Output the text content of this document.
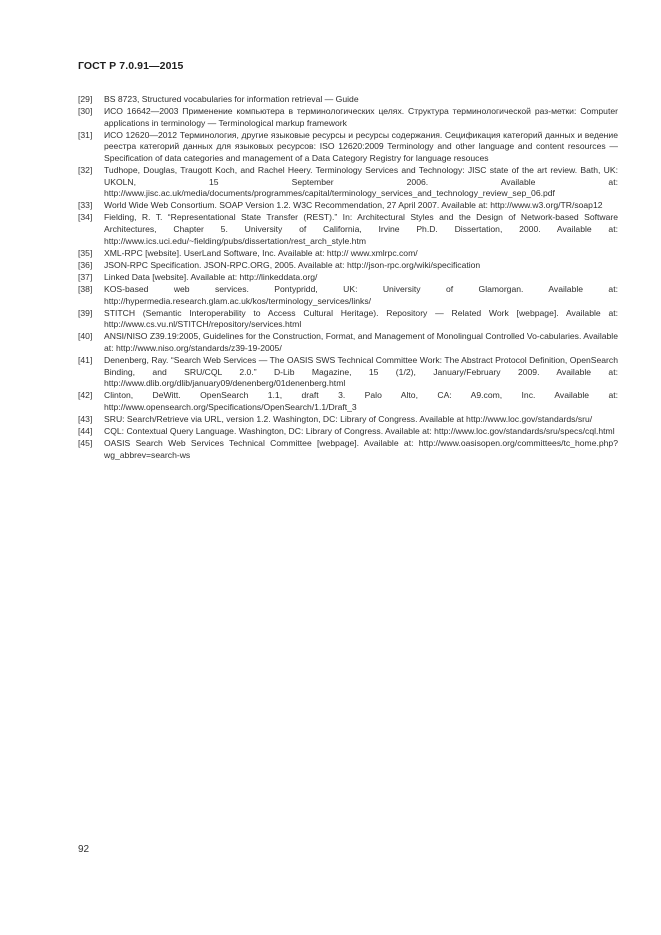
ГОСТ Р 7.0.91—2015
[29]	BS 8723, Structured vocabularies for information retrieval — Guide
[30]	ИСО 16642—2003 Применение компьютера в терминологических целях. Структура терминологической раз-метки: Computer applications in terminology — Terminological markup framework
[31]	ИСО 12620—2012 Терминология, другие языковые ресурсы и ресурсы содержания. Сецификация категорий данных и ведение реестра категорий данных для языковых ресурсов: ISO 12620:2009 Terminology and other language and content resources — Specification of data categories and management of a Data Category Registry for language resouces
[32]	Tudhope, Douglas, Traugott Koch, and Rachel Heery. Terminology Services and Technology: JISC state of the art review. Bath, UK: UKOLN, 15 September 2006. Available at: http://www.jisc.ac.uk/media/documents/programmes/capital/terminology_services_and_technology_review_sep_06.pdf
[33]	World Wide Web Consortium. SOAP Version 1.2. W3C Recommendation, 27 April 2007. Available at: http://www.w3.org/TR/soap12
[34]	Fielding, R. T. “Representational State Transfer (REST).” In: Architectural Styles and the Design of Network-based Software Architectures, Chapter 5. University of California, Irvine Ph.D. Dissertation, 2000. Available at: http://www.ics.uci.edu/~fielding/pubs/dissertation/rest_arch_style.htm
[35]	XML-RPC [website]. UserLand Software, Inc. Available at: http:// www.xmlrpc.com/
[36]	JSON-RPC Specification. JSON-RPC.ORG, 2005. Available at: http://json-rpc.org/wiki/specification
[37]	Linked Data [website]. Available at: http://linkeddata.org/
[38]	KOS-based web services. Pontypridd, UK: University of Glamorgan. Available at: http://hypermedia.research.glam.ac.uk/kos/terminology_services/links/
[39]	STITCH (Semantic Interoperability to Access Cultural Heritage). Repository — Related Work [webpage]. Available at: http://www.cs.vu.nl/STITCH/repository/services.html
[40]	ANSI/NISO Z39.19:2005, Guidelines for the Construction, Format, and Management of Monolingual Controlled Vo-cabularies. Available at: http://www.niso.org/standards/z39-19-2005/
[41]	Denenberg, Ray. “Search Web Services — The OASIS SWS Technical Committee Work: The Abstract Protocol Definition, OpenSearch Binding, and SRU/CQL 2.0.” D-Lib Magazine, 15 (1/2), January/February 2009. Available at: http://www.dlib.org/dlib/january09/denenberg/01denenberg.html
[42]	Clinton, DeWitt. OpenSearch 1.1, draft 3. Palo Alto, CA: A9.com, Inc. Available at: http://www.opensearch.org/Specifications/OpenSearch/1.1/Draft_3
[43]	SRU: Search/Retrieve via URL, version 1.2. Washington, DC: Library of Congress. Available at http://www.loc.gov/standards/sru/
[44]	CQL: Contextual Query Language. Washington, DC: Library of Congress. Available at: http://www.loc.gov/standards/sru/specs/cql.html
[45]	OASIS Search Web Services Technical Committee [webpage]. Available at: http://www.oasisopen.org/committees/tc_home.php?wg_abbrev=search-ws
92
